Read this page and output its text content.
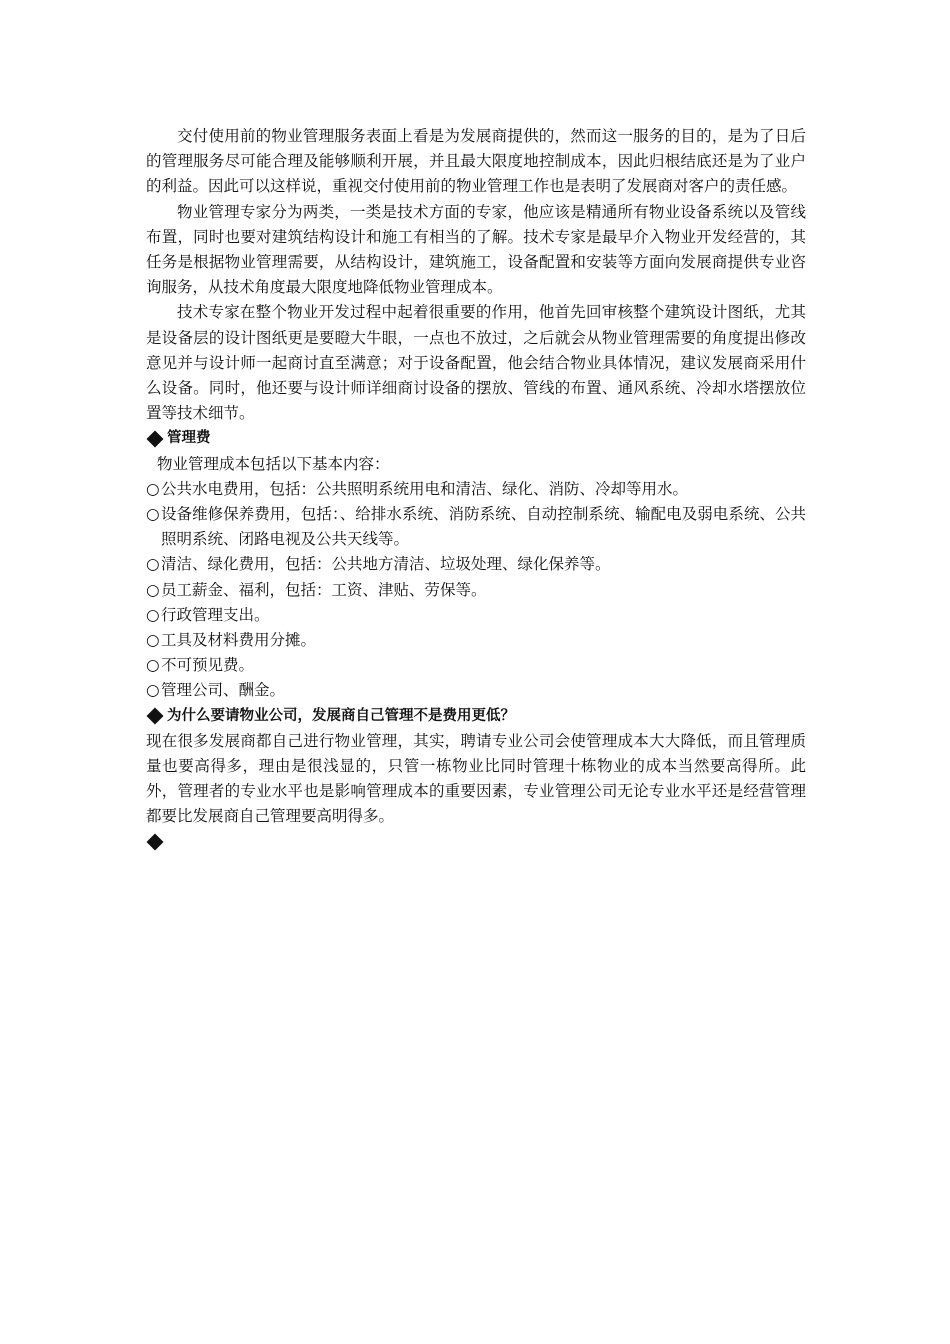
交付使用前的物业管理服务表面上看是为发展商提供的，然而这一服务的目的，是为了日后的管理服务尽可能合理及能够顺利开展，并且最大限度地控制成本，因此归根结底还是为了业户的利益。因此可以这样说，重视交付使用前的物业管理工作也是表明了发展商对客户的责任感。

物业管理专家分为两类，一类是技术方面的专家，他应该是精通所有物业设备系统以及管线布置，同时也要对建筑结构设计和施工有相当的了解。技术专家是最早介入物业开发经营的，其任务是根据物业管理需要，从结构设计，建筑施工，设备配置和安装等方面向发展商提供专业咨询服务，从技术角度最大限度地降低物业管理成本。

技术专家在整个物业开发过程中起着很重要的作用，他首先回审核整个建筑设计图纸，尤其是设备层的设计图纸更是要瞪大牛眼，一点也不放过，之后就会从物业管理需要的角度提出修改意见并与设计师一起商讨直至满意；对于设备配置，他会结合物业具体情况，建议发展商采用什么设备。同时，他还要与设计师详细商讨设备的摆放、管线的布置、通风系统、冷却水塔摆放位置等技术细节。

管理费

物业管理成本包括以下基本内容：

○ 公共水电费用，包括：公共照明系统用电和清洁、绿化、消防、冷却等用水。
○ 设备维修保养费用，包括：、给排水系统、消防系统、自动控制系统、输配电及弱电系统、公共照明系统、闭路电视及公共天线等。
○ 清洁、绿化费用，包括：公共地方清洁、垃圾处理、绿化保养等。
○ 员工薪金、福利，包括：工资、津贴、劳保等。
○ 行政管理支出。
○ 工具及材料费用分摊。
○ 不可预见费。
○ 管理公司、酬金。
为什么要请物业公司，发展商自己管理不是费用更低？

现在很多发展商都自己进行物业管理，其实，聘请专业公司会使管理成本大大降低，而且管理质量也要高得多，理由是很浅显的，只管一栋物业比同时管理十栋物业的成本当然要高得所。此外，管理者的专业水平也是影响管理成本的重要因素，专业管理公司无论专业水平还是经营管理都要比发展商自己管理要高明得多。
